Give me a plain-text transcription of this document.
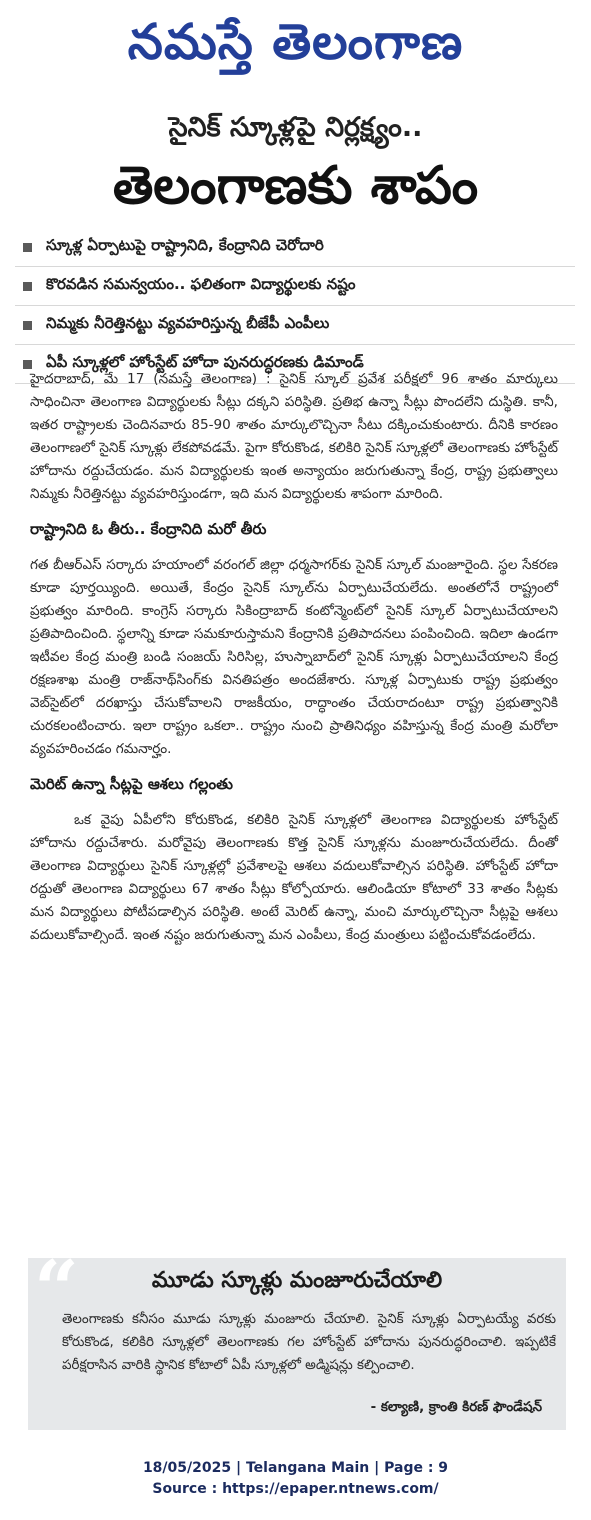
నమస్తే తెలంగాణ
సైనిక్ స్కూళ్లపై నిర్లక్ష్యం..
తెలంగాణకు శాపం
స్కూళ్ల ఏర్పాటుపై రాష్ట్రానిది, కేంద్రానిది చెరోదారి
కొరవడిన సమన్వయం.. ఫలితంగా విద్యార్థులకు నష్టం
నిమ్మకు నీరెత్తినట్టు వ్యవహరిస్తున్న బీజేపీ ఎంపీలు
ఏపీ స్కూళ్లలో హోంస్టేట్ హోదా పునరుద్ధరణకు డిమాండ్

హైదరాబాద్, మే 17 (నమస్తే తెలంగాణ) : సైనిక్ స్కూల్ ప్రవేశ పరీక్షలో 96 శాతం మార్కులు సాధించినా తెలంగాణ విద్యార్థులకు సీట్లు దక్కని పరిస్థితి. ప్రతిభ ఉన్నా సీట్లు పొందలేని దుస్థితి. కానీ, ఇతర రాష్ట్రాలకు చెందినవారు 85-90 శాతం మార్కులొచ్చినా సీటు దక్కించుకుంటారు. దీనికి కారణం తెలంగాణలో సైనిక్ స్కూళ్లు లేకపోవడమే. పైగా కోరుకొండ, కలికిరి సైనిక్ స్కూళ్లలో తెలంగాణకు హోంస్టేట్ హోదాను రద్దుచేయడం. మన విద్యార్థులకు ఇంత అన్యాయం జరుగుతున్నా కేంద్ర, రాష్ట్ర ప్రభుత్వాలు నిమ్మకు నీరెత్తినట్టు వ్యవహరిస్తుండగా, ఇది మన విద్యార్థులకు శాపంగా మారింది.

రాష్ట్రానిది ఓ తీరు.. కేంద్రానిది మరో తీరు

గత బీఆర్ఎస్ సర్కారు హయాంలో వరంగల్ జిల్లా ధర్మసాగర్‌కు సైనిక్ స్కూల్ మంజూరైంది. స్థల సేకరణ కూడా పూర్తయ్యింది. అయితే, కేంద్రం సైనిక్ స్కూల్‌ను ఏర్పాటుచేయలేదు. అంతలోనే రాష్ట్రంలో ప్రభుత్వం మారింది. కాంగ్రెస్ సర్కారు సికింద్రాబాద్ కంటోన్మెంట్‌లో సైనిక్ స్కూల్ ఏర్పాటుచేయాలని ప్రతిపాదించింది. స్థలాన్ని కూడా సమకూరుస్తామని కేంద్రానికి ప్రతిపాదనలు పంపించింది. ఇదిలా ఉండగా ఇటీవల కేంద్ర మంత్రి బండి సంజయ్ సిరిసిల్ల, హుస్నాబాద్‌లో సైనిక్ స్కూళ్లు ఏర్పాటుచేయాలని కేంద్ర రక్షణశాఖ మంత్రి రాజ్‌నాథ్‌సింగ్‌కు వినతిపత్రం అందజేశారు. స్కూళ్ల ఏర్పాటుకు రాష్ట్ర ప్రభుత్వం వెబ్‌సైట్‌లో దరఖాస్తు చేసుకోవాలని రాజకీయం, రాద్ధాంతం చేయరాదంటూ రాష్ట్ర ప్రభుత్వానికి చురకలంటించారు. ఇలా రాష్ట్రం ఒకలా.. రాష్ట్రం నుంచి ప్రాతినిధ్యం వహిస్తున్న కేంద్ర మంత్రి మరోలా వ్యవహరించడం గమనార్హం.

మెరిట్ ఉన్నా సీట్లపై ఆశలు గల్లంతు

ఒక వైపు ఏపీలోని కోరుకొండ, కలికిరి సైనిక్ స్కూళ్లలో తెలంగాణ విద్యార్థులకు హోంస్టేట్ హోదాను రద్దుచేశారు. మరోవైపు తెలంగాణకు కొత్త సైనిక్ స్కూళ్లను మంజూరుచేయలేదు. దీంతో తెలంగాణ విద్యార్థులు సైనిక్ స్కూళ్లల్లో ప్రవేశాలపై ఆశలు వదులుకోవాల్సిన పరిస్థితి. హోంస్టేట్ హోదా రద్దుతో తెలంగాణ విద్యార్థులు 67 శాతం సీట్లు కోల్పోయారు. ఆలిండియా కోటాలో 33 శాతం సీట్లకు మన విద్యార్థులు పోటీపడాల్సిన పరిస్థితి. అంటే మెరిట్ ఉన్నా, మంచి మార్కులొచ్చినా సీట్లపై ఆశలు వదులుకోవాల్సిందే. ఇంత నష్టం జరుగుతున్నా మన ఎంపీలు, కేంద్ర మంత్రులు పట్టించుకోవడంలేదు.

“	మూడు స్కూళ్లు మంజూరుచేయాలి
తెలంగాణకు కనీసం మూడు స్కూళ్లు మంజూరు చేయాలి. సైనిక్ స్కూళ్లు ఏర్పాటయ్యే వరకు కోరుకొండ, కలికిరి స్కూళ్లలో తెలంగాణకు గల హోంస్టేట్ హోదాను పునరుద్ధరించాలి. ఇప్పటికే పరీక్షరాసిన వారికి స్థానిక కోటాలో ఏపీ స్కూళ్లలో అడ్మిషన్లు కల్పించాలి.
- కల్యాణి, క్రాంతి కిరణ్ ఫౌండేషన్
18/05/2025 | Telangana Main | Page : 9
Source : https://epaper.ntnews.com/
